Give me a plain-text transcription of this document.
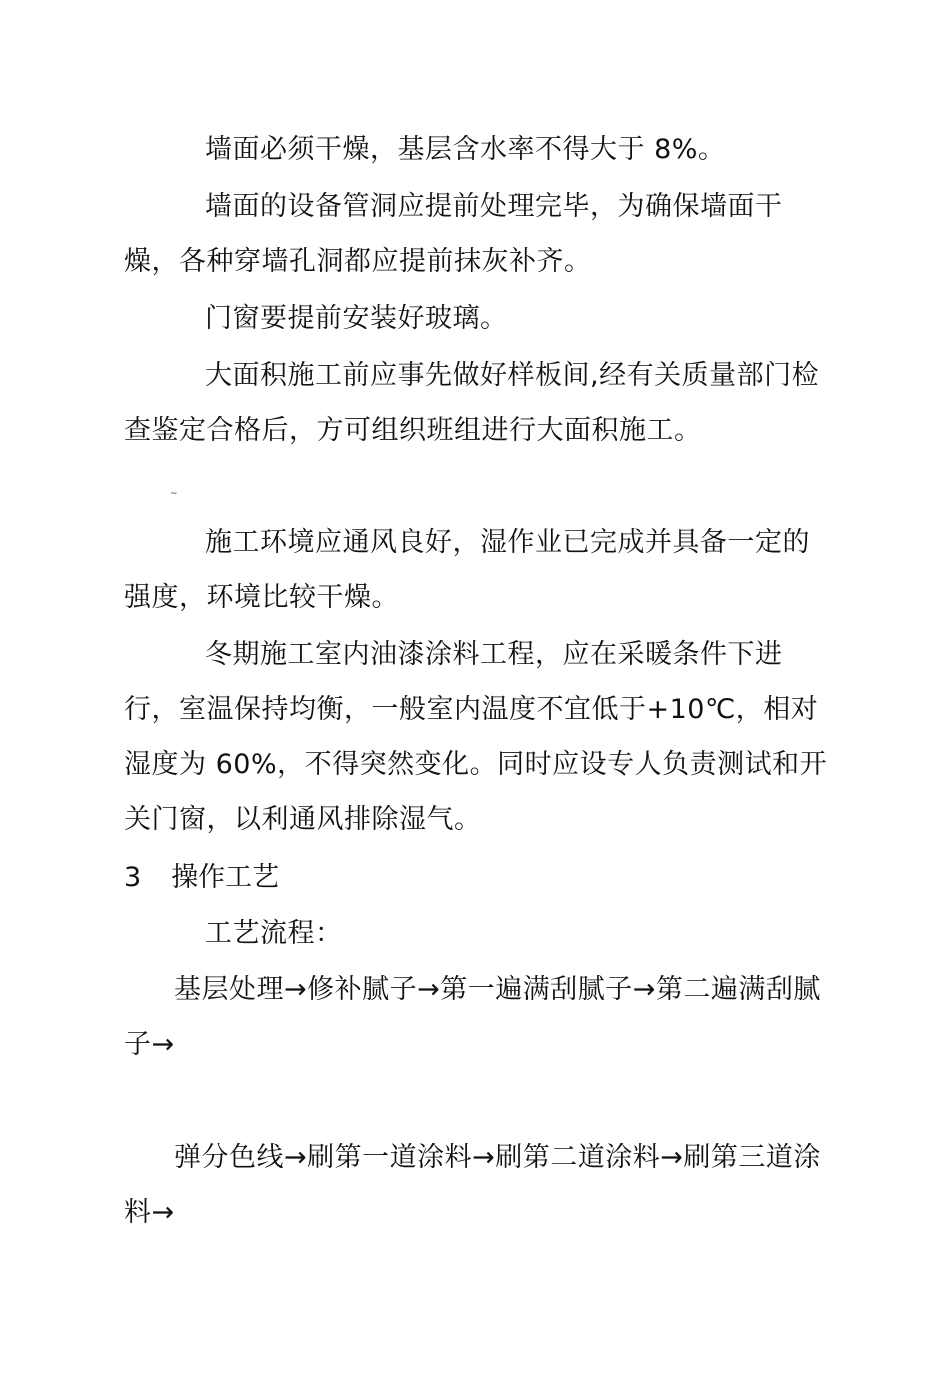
墙面必须干燥，基层含水率不得大于 8%。
墙面的设备管洞应提前处理完毕，为确保墙面干燥，各种穿墙孔洞都应提前抹灰补齐。
门窗要提前安装好玻璃。
大面积施工前应事先做好样板间,经有关质量部门检查鉴定合格后，方可组织班组进行大面积施工。
~
施工环境应通风良好，湿作业已完成并具备一定的强度，环境比较干燥。
冬期施工室内油漆涂料工程，应在采暖条件下进行，室温保持均衡，一般室内温度不宜低于+10℃，相对湿度为 60%，不得突然变化。同时应设专人负责测试和开关门窗，以利通风排除湿气。
3 操作工艺
工艺流程：
基层处理→修补腻子→第一遍满刮腻子→第二遍满刮腻子→
弹分色线→刷第一道涂料→刷第二道涂料→刷第三道涂料→
